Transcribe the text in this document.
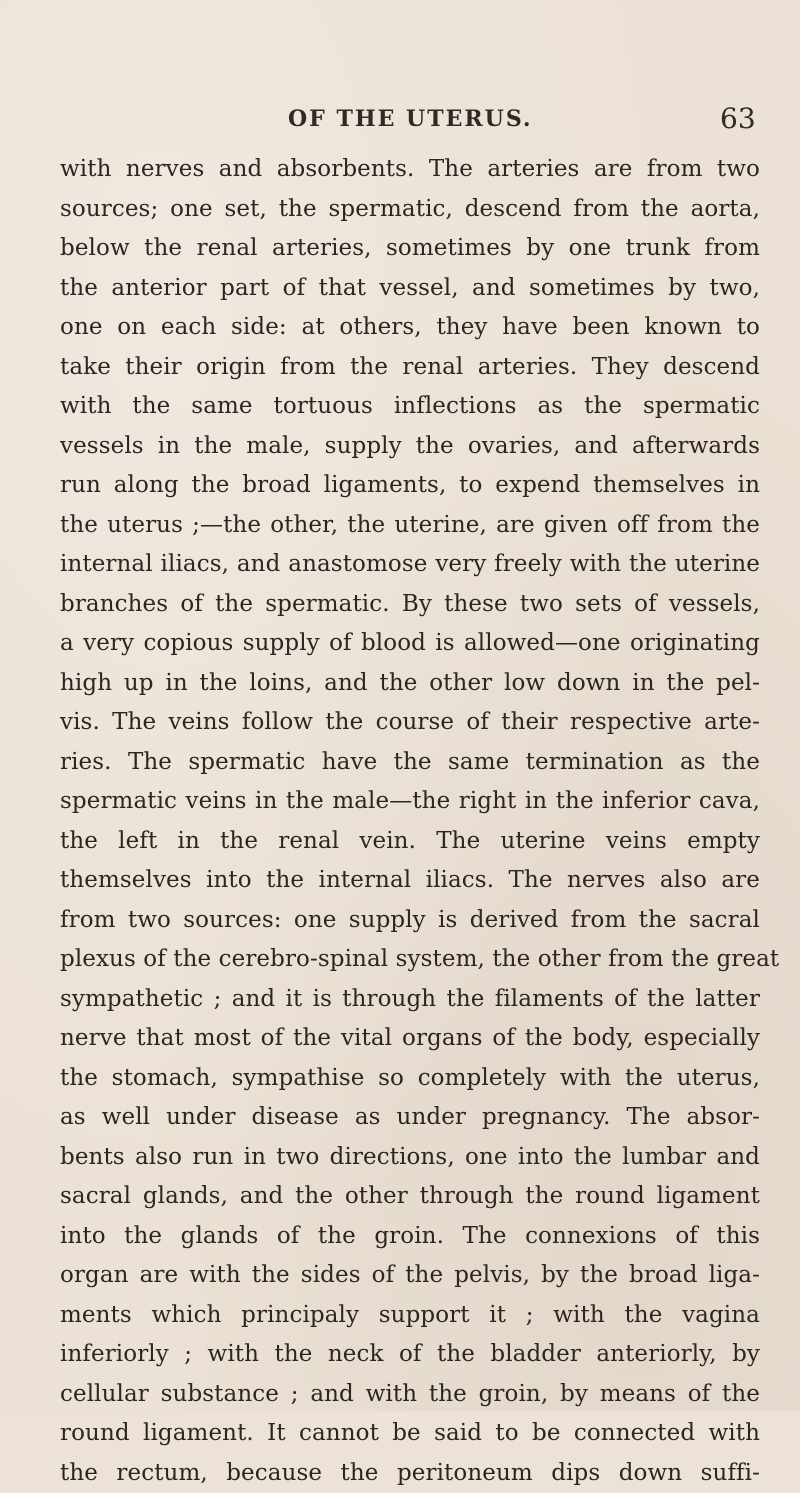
OF THE UTERUS.	63
with nerves and absorbents. The arteries are from two
sources; one set, the spermatic, descend from the aorta,
below the renal arteries, sometimes by one trunk from
the anterior part of that vessel, and sometimes by two,
one on each side: at others, they have been known to
take their origin from the renal arteries. They descend
with the same tortuous inflections as the spermatic
vessels in the male, supply the ovaries, and afterwards
run along the broad ligaments, to expend themselves in
the uterus ;—the other, the uterine, are given off from the
internal iliacs, and anastomose very freely with the uterine
branches of the spermatic. By these two sets of vessels,
a very copious supply of blood is allowed—one originating
high up in the loins, and the other low down in the pel-
vis. The veins follow the course of their respective arte-
ries. The spermatic have the same termination as the
spermatic veins in the male—the right in the inferior cava,
the left in the renal vein. The uterine veins empty
themselves into the internal iliacs. The nerves also are
from two sources: one supply is derived from the sacral
plexus of the cerebro-spinal system, the other from the great
sympathetic ; and it is through the filaments of the latter
nerve that most of the vital organs of the body, especially
the stomach, sympathise so completely with the uterus,
as well under disease as under pregnancy. The absor-
bents also run in two directions, one into the lumbar and
sacral glands, and the other through the round ligament
into the glands of the groin. The connexions of this
organ are with the sides of the pelvis, by the broad liga-
ments which principaly support it ; with the vagina
inferiorly ; with the neck of the bladder anteriorly, by
cellular substance ; and with the groin, by means of the
round ligament. It cannot be said to be connected with
the rectum, because the peritoneum dips down suffi-
